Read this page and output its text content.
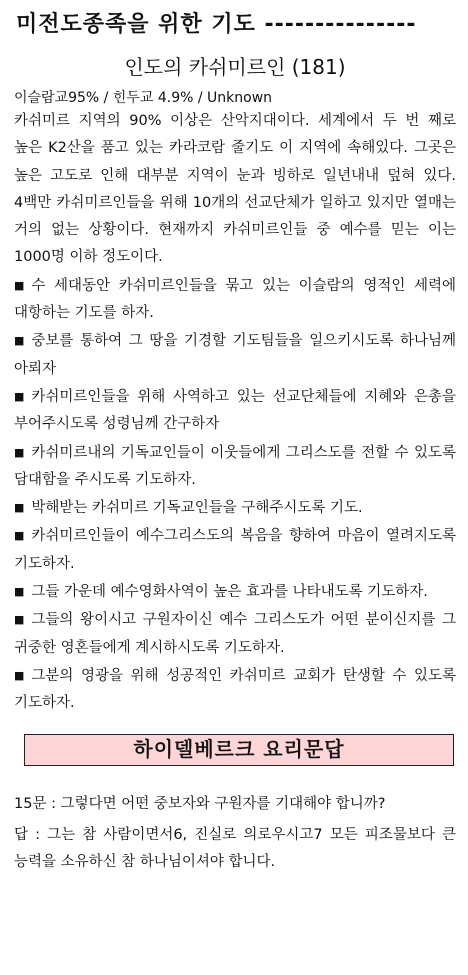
미전도종족을 위한 기도 ---------------
인도의 카쉬미르인 (181)
이슬람교95% / 힌두교 4.9% / Unknown

카쉬미르 지역의 90% 이상은 산악지대이다. 세계에서 두 번 째로 높은 K2산을 품고 있는 카라코람 줄기도 이 지역에 속해있다. 그곳은 높은 고도로 인해 대부분 지역이 눈과 빙하로 일년내내 덮혀 있다. 4백만 카쉬미르인들을 위해 10개의 선교단체가 일하고 있지만 열매는 거의 없는 상황이다. 현재까지 카쉬미르인들 중 예수를 믿는 이는 1000명 이하 정도이다.

■ 수 세대동안 카쉬미르인들을 묶고 있는 이슬람의 영적인 세력에 대항하는 기도를 하자.

■ 중보를 통하여 그 땅을 기경할 기도팀들을 일으키시도록 하나님께 아뢰자

■ 카쉬미르인들을 위해 사역하고 있는 선교단체들에 지혜와 은총을 부어주시도록 성령님께 간구하자

■ 카쉬미르내의 기독교인들이 이웃들에게 그리스도를 전할 수 있도록 담대함을 주시도록 기도하자.

■ 박해받는 카쉬미르 기독교인들을 구해주시도록 기도.

■ 카쉬미르인들이 예수그리스도의 복음을 향하여 마음이 열려지도록 기도하자.

■ 그들 가운데 예수영화사역이 높은 효과를 나타내도록 기도하자.

■ 그들의 왕이시고 구원자이신 예수 그리스도가 어떤 분이신지를 그 귀중한 영혼들에게 계시하시도록 기도하자.

■ 그분의 영광을 위해 성공적인 카쉬미르 교회가 탄생할 수 있도록 기도하자.

하이델베르크 요리문답

15문 : 그렇다면 어떤 중보자와 구원자를 기대해야 합니까?

답 : 그는 참 사람이면서6, 진실로 의로우시고7 모든 피조물보다 큰 능력을 소유하신 참 하나님이셔야 합니다.
